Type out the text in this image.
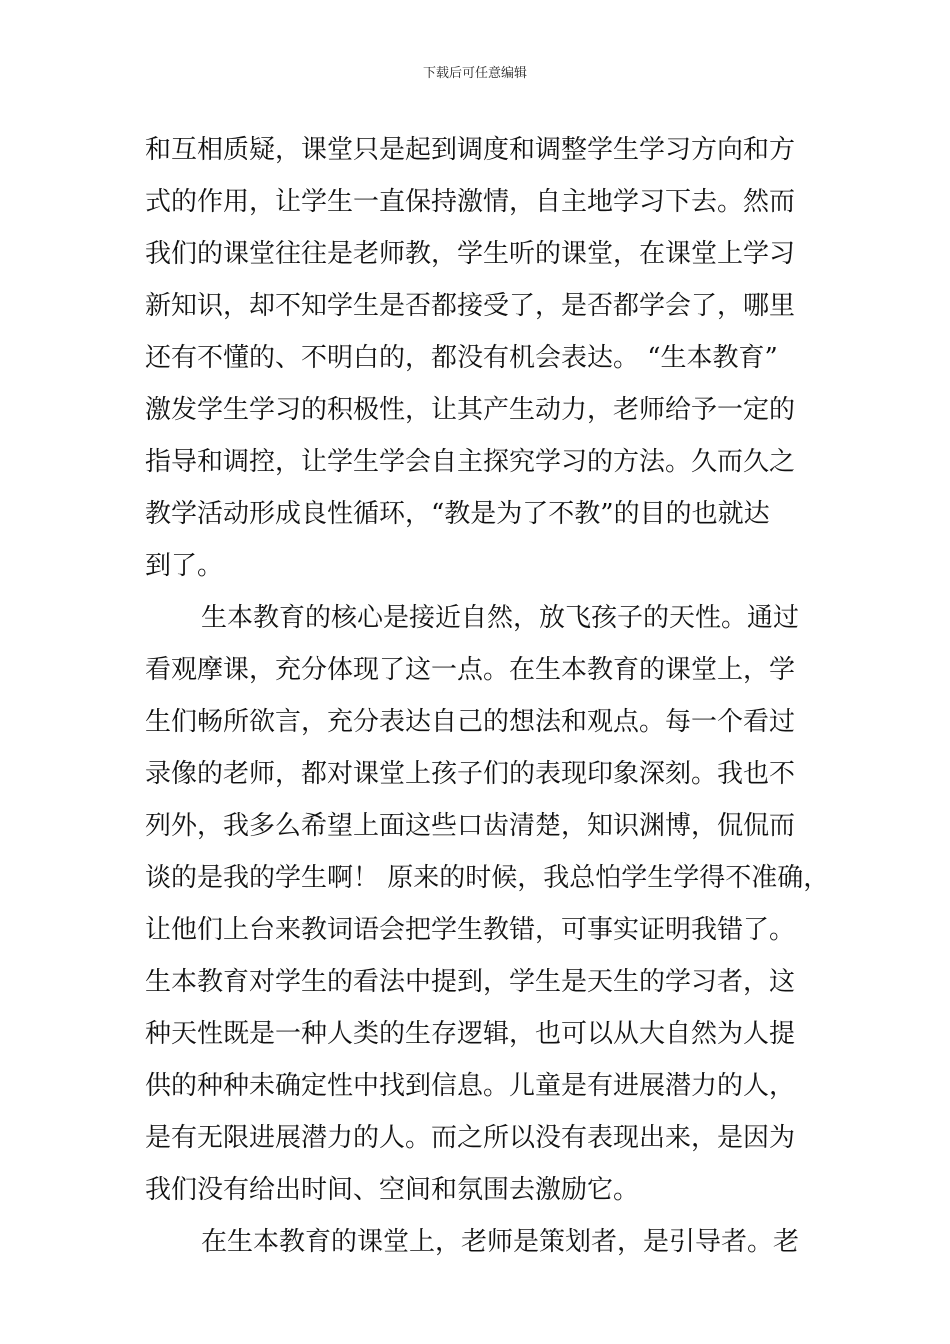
下载后可任意编辑
和互相质疑，课堂只是起到调度和调整学生学习方向和方
式的作用，让学生一直保持激情，自主地学习下去。然而
我们的课堂往往是老师教，学生听的课堂，在课堂上学习
新知识，却不知学生是否都接受了，是否都学会了，哪里
还有不懂的、不明白的，都没有机会表达。 “生本教育”
激发学生学习的积极性，让其产生动力，老师给予一定的
指导和调控，让学生学会自主探究学习的方法。久而久之
教学活动形成良性循环，“教是为了不教”的目的也就达
到了。
生本教育的核心是接近自然，放飞孩子的天性。通过
看观摩课，充分体现了这一点。在生本教育的课堂上，学
生们畅所欲言，充分表达自己的想法和观点。每一个看过
录像的老师，都对课堂上孩子们的表现印象深刻。我也不
列外，我多么希望上面这些口齿清楚，知识渊博，侃侃而
谈的是我的学生啊！ 原来的时候，我总怕学生学得不准确，
让他们上台来教词语会把学生教错，可事实证明我错了。
生本教育对学生的看法中提到，学生是天生的学习者，这
种天性既是一种人类的生存逻辑，也可以从大自然为人提
供的种种未确定性中找到信息。儿童是有进展潜力的人，
是有无限进展潜力的人。而之所以没有表现出来，是因为
我们没有给出时间、空间和氛围去激励它。
在生本教育的课堂上，老师是策划者，是引导者。老
